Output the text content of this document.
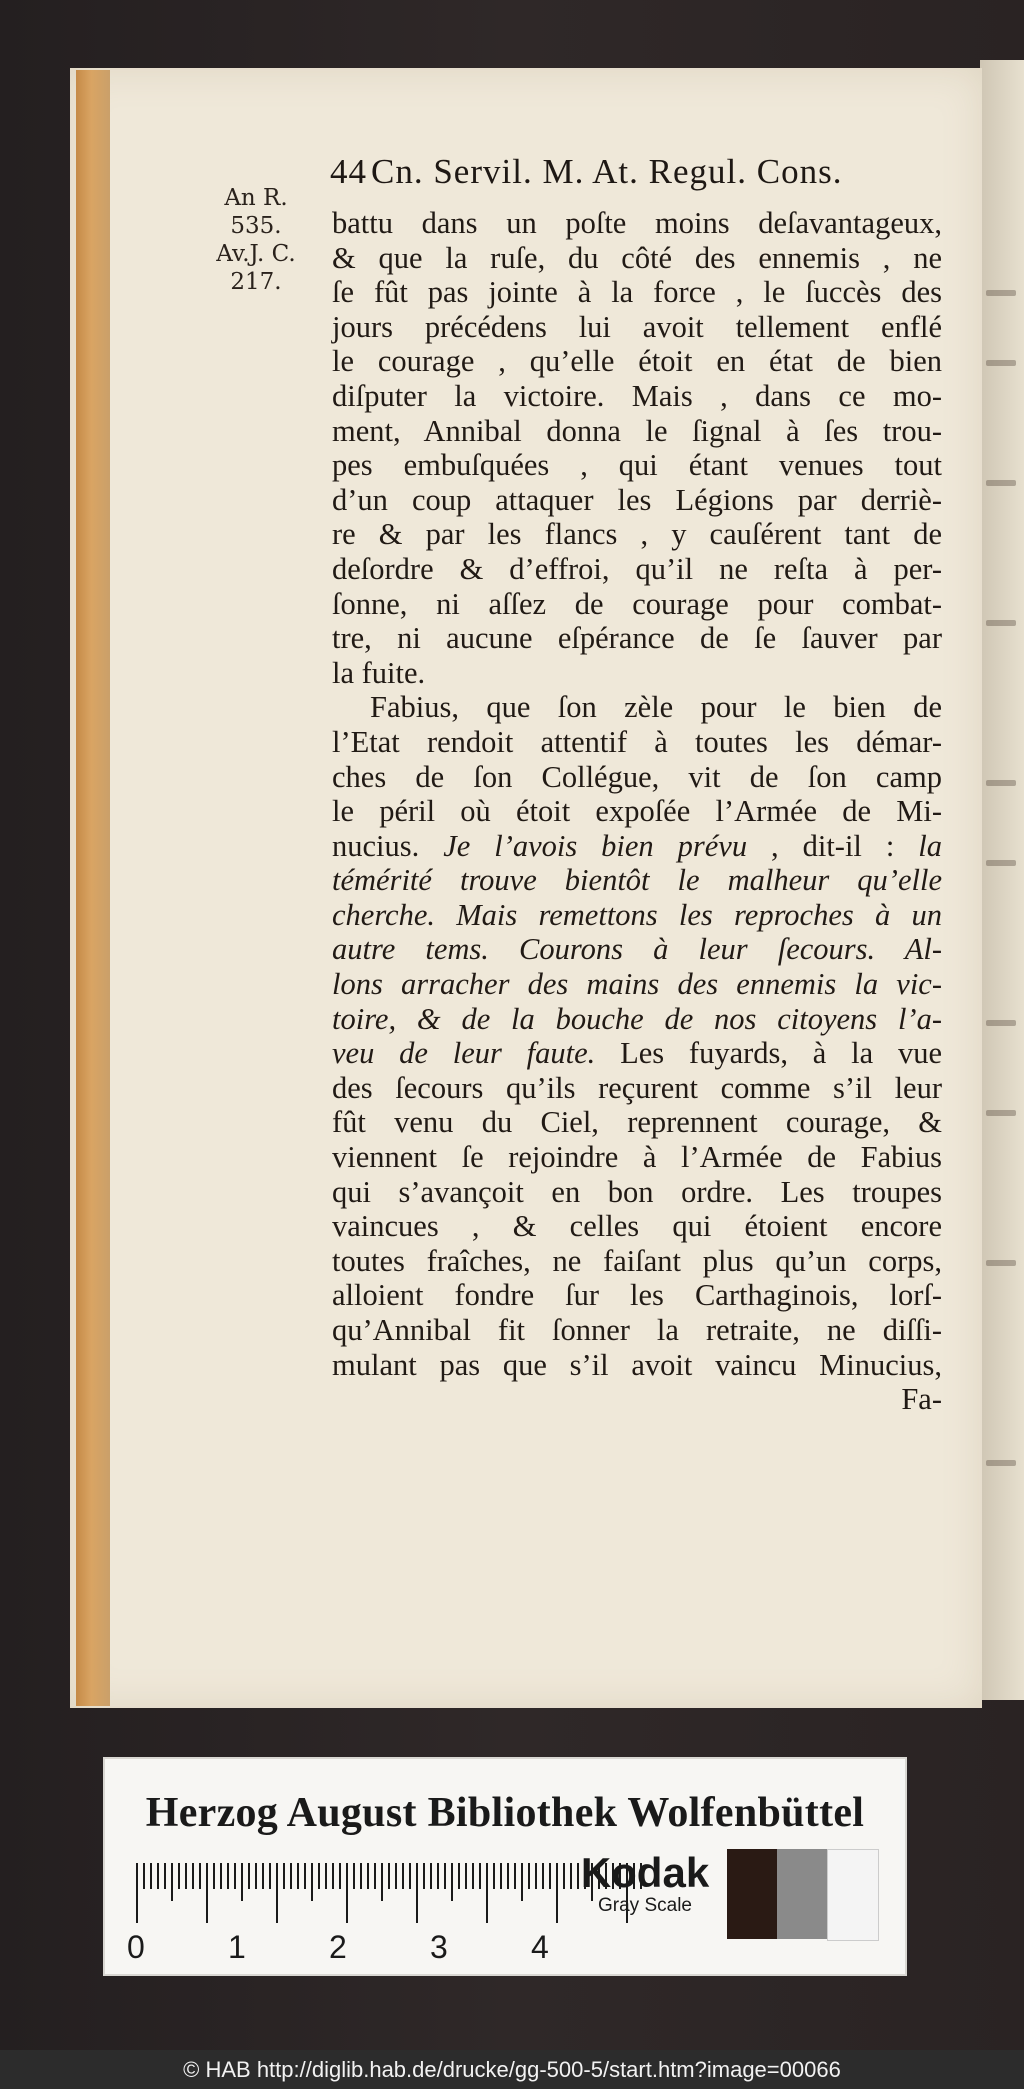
An R.
535.
Av.J. C.
217.
44 Cn. Servil. M. At. Regul. Cons.
battu dans un poſte moins deſavantageux,
& que la ruſe, du côté des ennemis , ne
ſe fût pas jointe à la force , le ſuccès des
jours précédens lui avoit tellement enflé
le courage , qu’elle étoit en état de bien
diſputer la victoire. Mais , dans ce mo-
ment, Annibal donna le ſignal à ſes trou-
pes embuſquées , qui étant venues tout
d’un coup attaquer les Légions par derriè-
re & par les flancs , y cauſérent tant de
deſordre & d’effroi, qu’il ne reſta à per-
ſonne, ni aſſez de courage pour combat-
tre, ni aucune eſpérance de ſe ſauver par
la fuite.
Fabius, que ſon zèle pour le bien de
l’Etat rendoit attentif à toutes les démar-
ches de ſon Collégue, vit de ſon camp
le péril où étoit expoſée l’Armée de Mi-
nucius. Je l’avois bien prévu , dit-il : la
témérité trouve bientôt le malheur qu’elle
cherche. Mais remettons les reproches à un
autre tems. Courons à leur ſecours. Al-
lons arracher des mains des ennemis la vic-
toire, & de la bouche de nos citoyens l’a-
veu de leur faute. Les fuyards, à la vue
des ſecours qu’ils reçurent comme s’il leur
fût venu du Ciel, reprennent courage, &
viennent ſe rejoindre à l’Armée de Fabius
qui s’avançoit en bon ordre. Les troupes
vaincues , & celles qui étoient encore
toutes fraîches, ne faiſant plus qu’un corps,
alloient fondre ſur les Carthaginois, lorſ-
qu’Annibal fit ſonner la retraite, ne diſſi-
mulant pas que s’il avoit vaincu Minucius,
Fa-
Herzog August Bibliothek Wolfenbüttel
Kodak
Gray Scale
0	1	2	3	4
© HAB http://diglib.hab.de/drucke/gg-500-5/start.htm?image=00066
